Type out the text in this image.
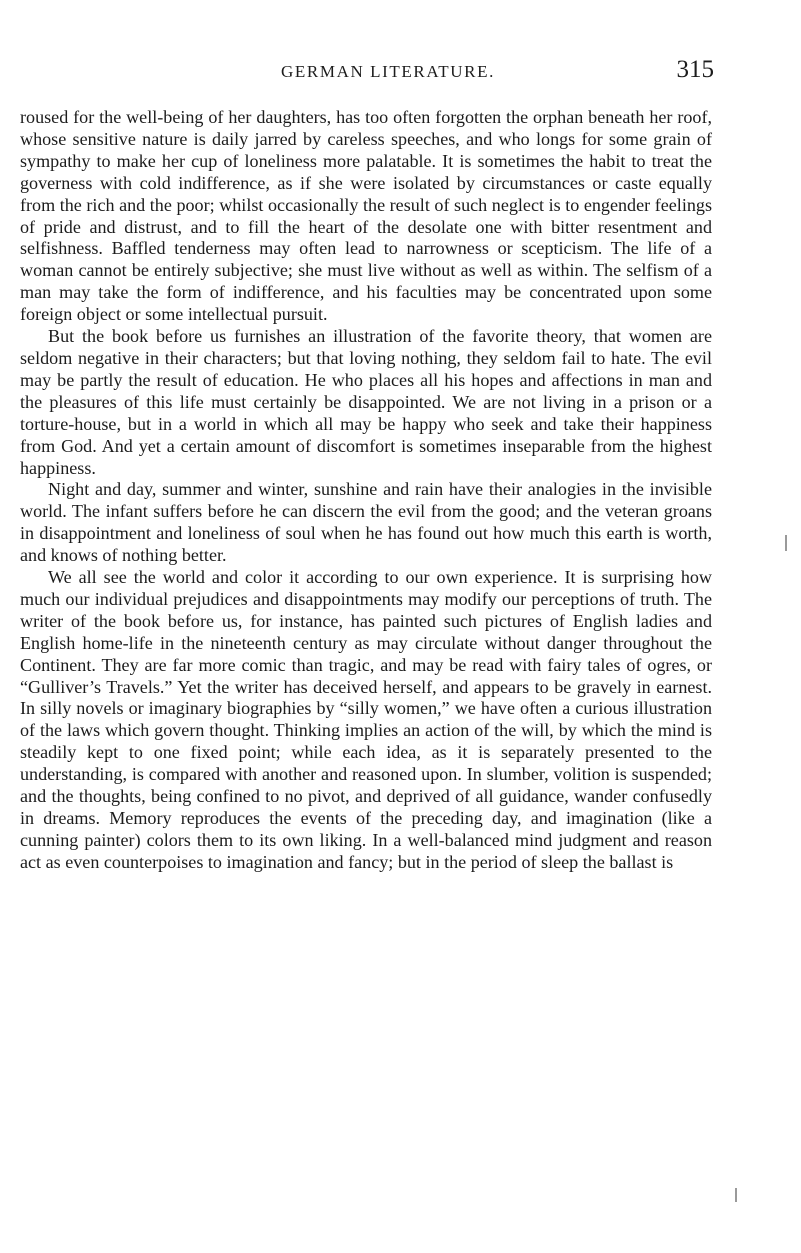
GERMAN LITERATURE.	315

roused for the well-being of her daughters, has too often forgotten the orphan beneath her roof, whose sensitive nature is daily jarred by careless speeches, and who longs for some grain of sympathy to make her cup of loneliness more palatable. It is sometimes the habit to treat the governess with cold indifference, as if she were isolated by circumstances or caste equally from the rich and the poor; whilst occasionally the result of such neglect is to engender feelings of pride and distrust, and to fill the heart of the desolate one with bitter resentment and selfishness. Baffled tenderness may often lead to narrowness or scepticism. The life of a woman cannot be entirely subjective; she must live without as well as within. The selfism of a man may take the form of indifference, and his faculties may be concentrated upon some foreign object or some intellectual pursuit.

But the book before us furnishes an illustration of the favorite theory, that women are seldom negative in their characters; but that loving nothing, they seldom fail to hate. The evil may be partly the result of education. He who places all his hopes and affections in man and the pleasures of this life must certainly be disappointed. We are not living in a prison or a torture-house, but in a world in which all may be happy who seek and take their happiness from God. And yet a certain amount of discomfort is sometimes inseparable from the highest happiness.

Night and day, summer and winter, sunshine and rain have their analogies in the invisible world. The infant suffers before he can discern the evil from the good; and the veteran groans in disappointment and loneliness of soul when he has found out how much this earth is worth, and knows of nothing better.

We all see the world and color it according to our own experience. It is surprising how much our individual prejudices and disappointments may modify our perceptions of truth. The writer of the book before us, for instance, has painted such pictures of English ladies and English home-life in the nineteenth century as may circulate without danger throughout the Continent. They are far more comic than tragic, and may be read with fairy tales of ogres, or “Gulliver’s Travels.” Yet the writer has deceived herself, and appears to be gravely in earnest. In silly novels or imaginary biographies by “silly women,” we have often a curious illustration of the laws which govern thought. Thinking implies an action of the will, by which the mind is steadily kept to one fixed point; while each idea, as it is separately presented to the understanding, is compared with another and reasoned upon. In slumber, volition is suspended; and the thoughts, being confined to no pivot, and deprived of all guidance, wander confusedly in dreams. Memory reproduces the events of the preceding day, and imagination (like a cunning painter) colors them to its own liking. In a well-balanced mind judgment and reason act as even counterpoises to imagination and fancy; but in the period of sleep the ballast is
